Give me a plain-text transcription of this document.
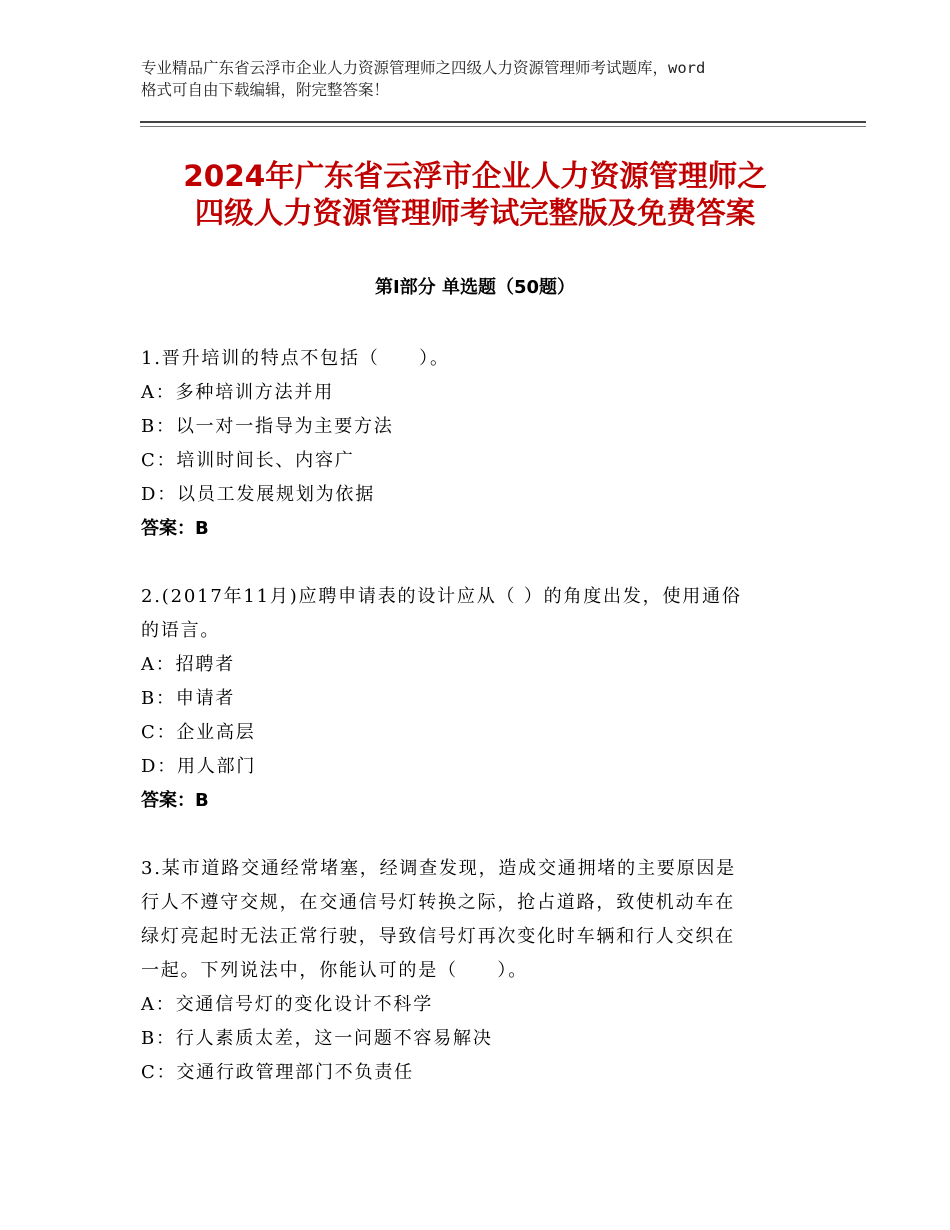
专业精品广东省云浮市企业人力资源管理师之四级人力资源管理师考试题库，word
格式可自由下载编辑，附完整答案！
2024年广东省云浮市企业人力资源管理师之
四级人力资源管理师考试完整版及免费答案
第Ⅰ部分 单选题（50题）

1.晋升培训的特点不包括（　　）。

A：多种培训方法并用

B：以一对一指导为主要方法

C：培训时间长、内容广

D：以员工发展规划为依据

答案：B

2.(2017年11月)应聘申请表的设计应从（ ）的角度出发，使用通俗

的语言。

A：招聘者

B：申请者

C：企业高层

D：用人部门

答案：B

3.某市道路交通经常堵塞，经调查发现，造成交通拥堵的主要原因是

行人不遵守交规，在交通信号灯转换之际，抢占道路，致使机动车在

绿灯亮起时无法正常行驶，导致信号灯再次变化时车辆和行人交织在

一起。下列说法中，你能认可的是（　　）。

A：交通信号灯的变化设计不科学

B：行人素质太差，这一问题不容易解决

C：交通行政管理部门不负责任
